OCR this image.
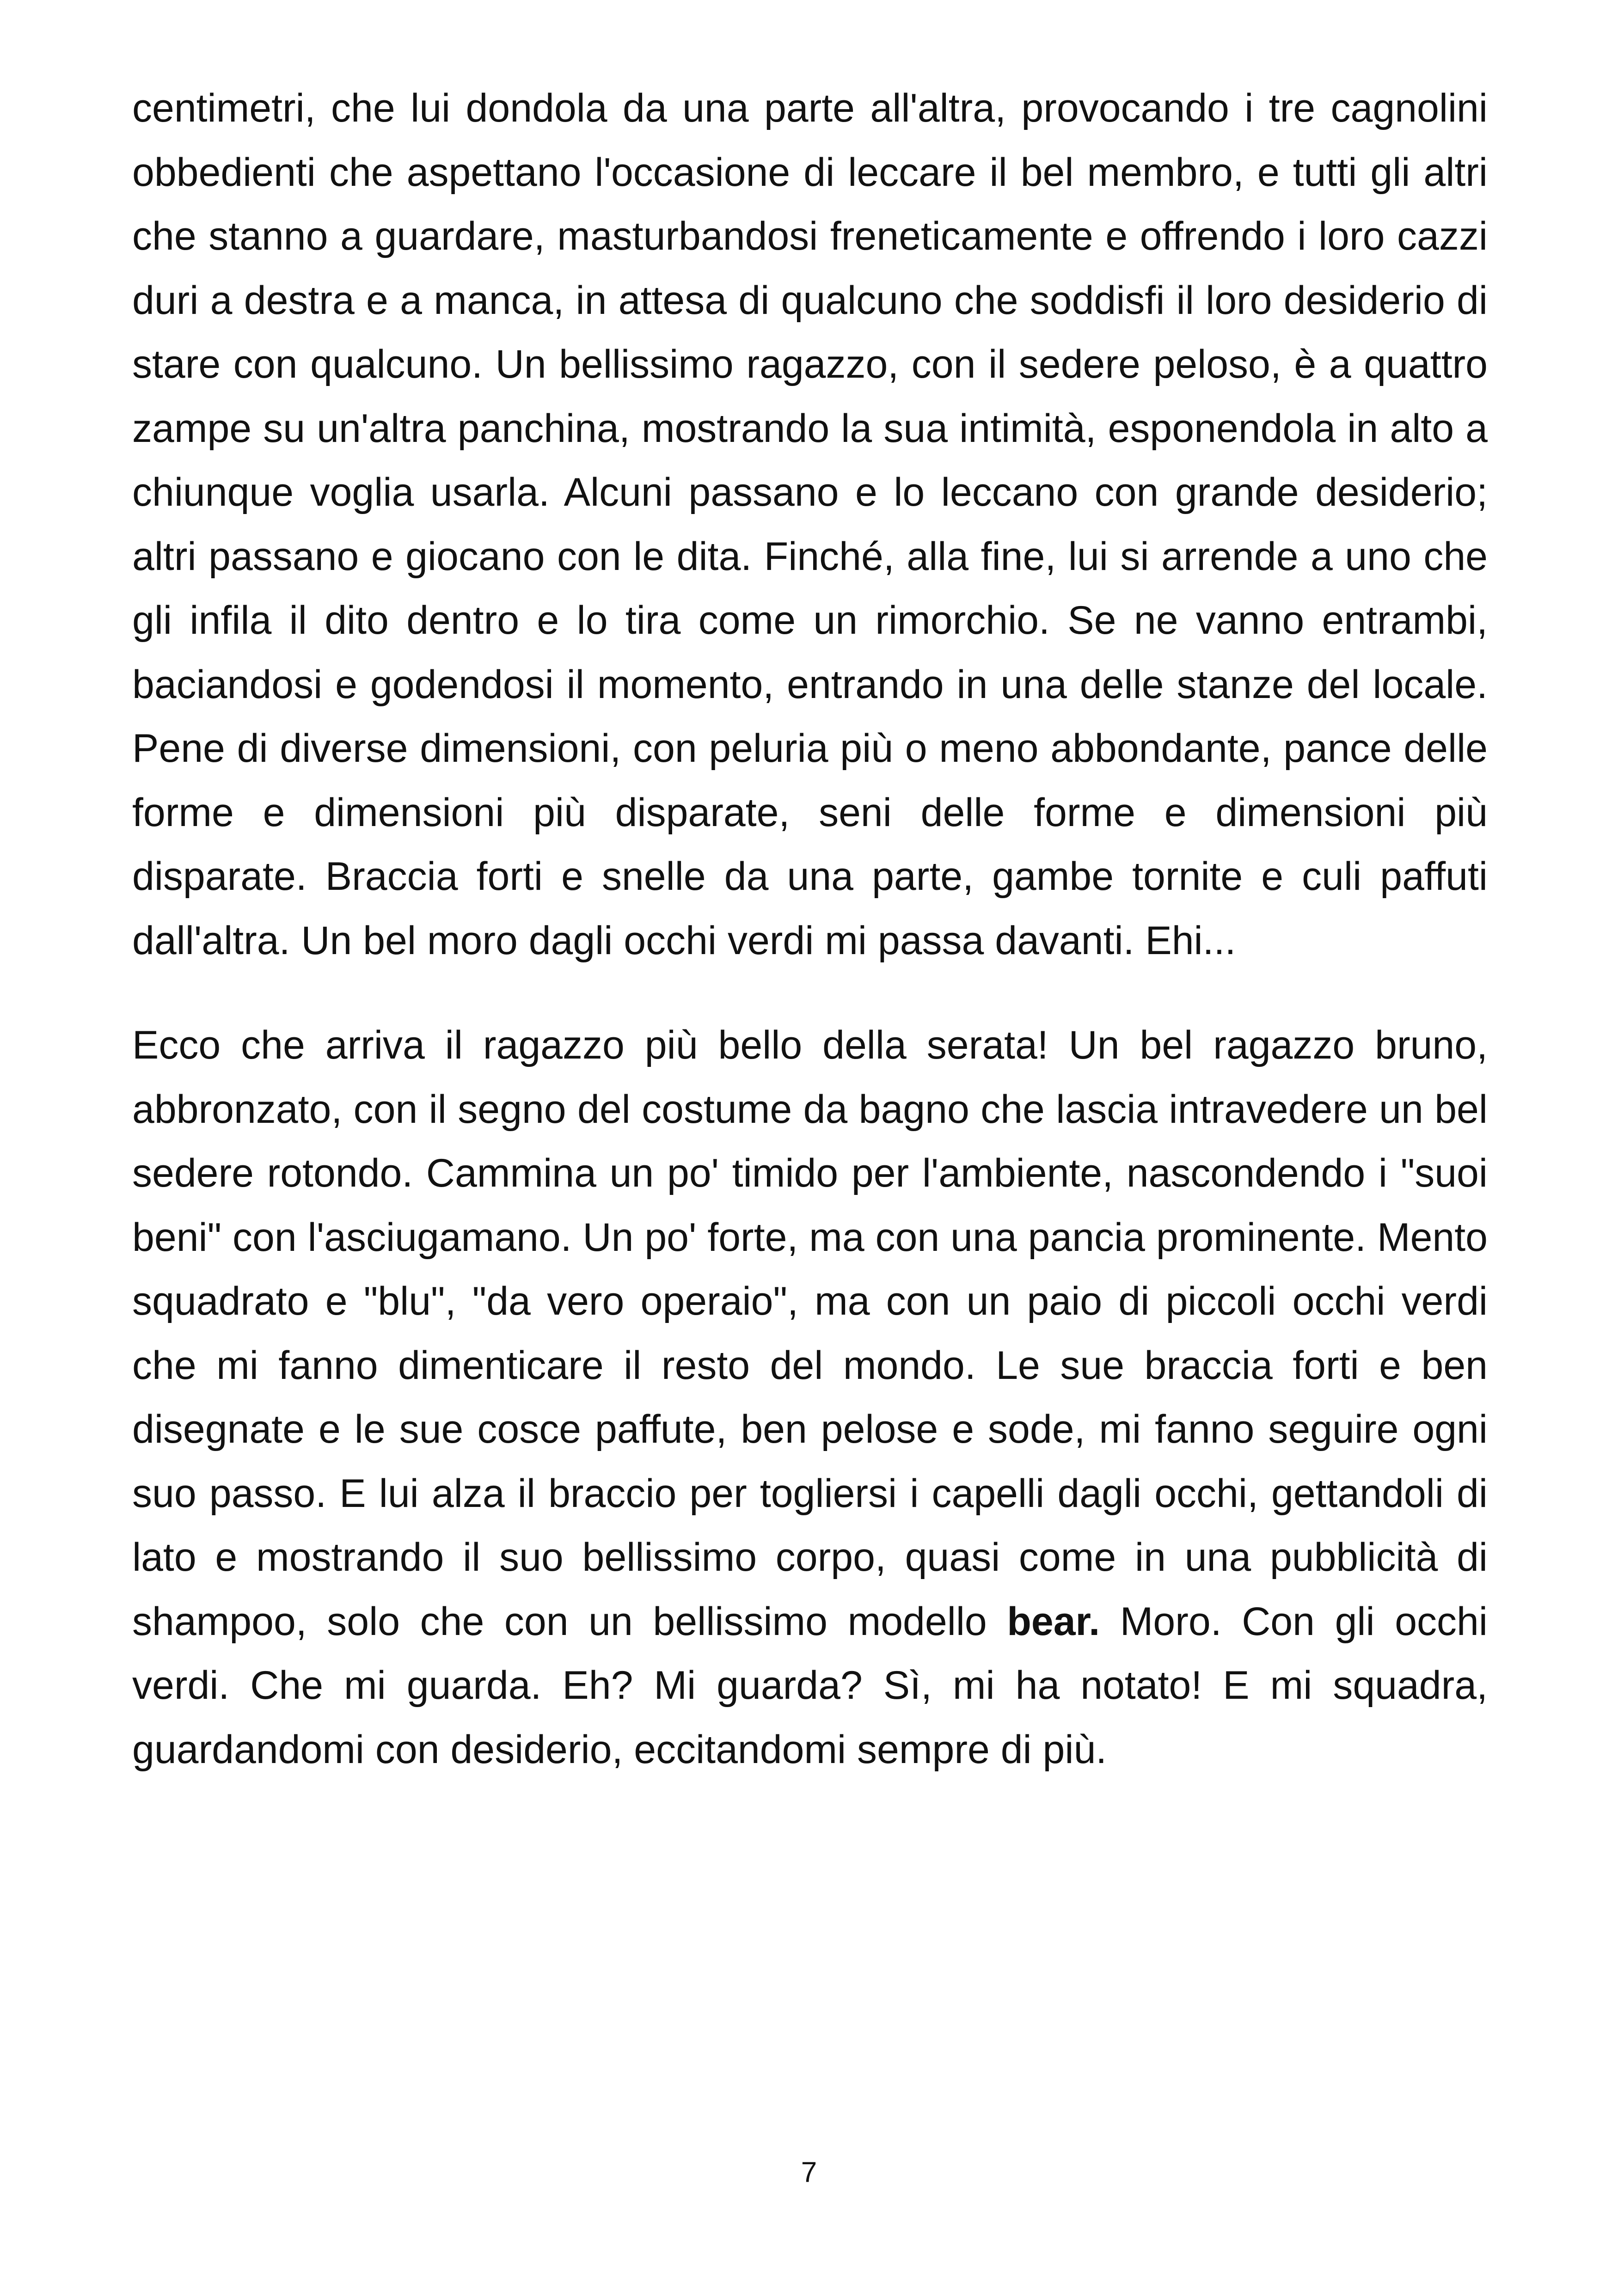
centimetri, che lui dondola da una parte all'altra, provocando i tre cagnolini obbedienti che aspettano l'occasione di leccare il bel membro, e tutti gli altri che stanno a guardare, masturbandosi freneticamente e offrendo i loro cazzi duri a destra e a manca, in attesa di qualcuno che soddisfi il loro desiderio di stare con qualcuno. Un bellissimo ragazzo, con il sedere peloso, è a quattro zampe su un'altra panchina, mostrando la sua intimità, esponendola in alto a chiunque voglia usarla. Alcuni passano e lo leccano con grande desiderio; altri passano e giocano con le dita. Finché, alla fine, lui si arrende a uno che gli infila il dito dentro e lo tira come un rimorchio. Se ne vanno entrambi, baciandosi e godendosi il momento, entrando in una delle stanze del locale. Pene di diverse dimensioni, con peluria più o meno abbondante, pance delle forme e dimensioni più disparate, seni delle forme e dimensioni più disparate. Braccia forti e snelle da una parte, gambe tornite e culi paffuti dall'altra. Un bel moro dagli occhi verdi mi passa davanti. Ehi...

Ecco che arriva il ragazzo più bello della serata! Un bel ragazzo bruno, abbronzato, con il segno del costume da bagno che lascia intravedere un bel sedere rotondo. Cammina un po' timido per l'ambiente, nascondendo i "suoi beni" con l'asciugamano. Un po' forte, ma con una pancia prominente. Mento squadrato e "blu", "da vero operaio", ma con un paio di piccoli occhi verdi che mi fanno dimenticare il resto del mondo. Le sue braccia forti e ben disegnate e le sue cosce paffute, ben pelose e sode, mi fanno seguire ogni suo passo. E lui alza il braccio per togliersi i capelli dagli occhi, gettandoli di lato e mostrando il suo bellissimo corpo, quasi come in una pubblicità di shampoo, solo che con un bellissimo modello bear. Moro. Con gli occhi verdi. Che mi guarda. Eh? Mi guarda? Sì, mi ha notato! E mi squadra, guardandomi con desiderio, eccitandomi sempre di più.

7
